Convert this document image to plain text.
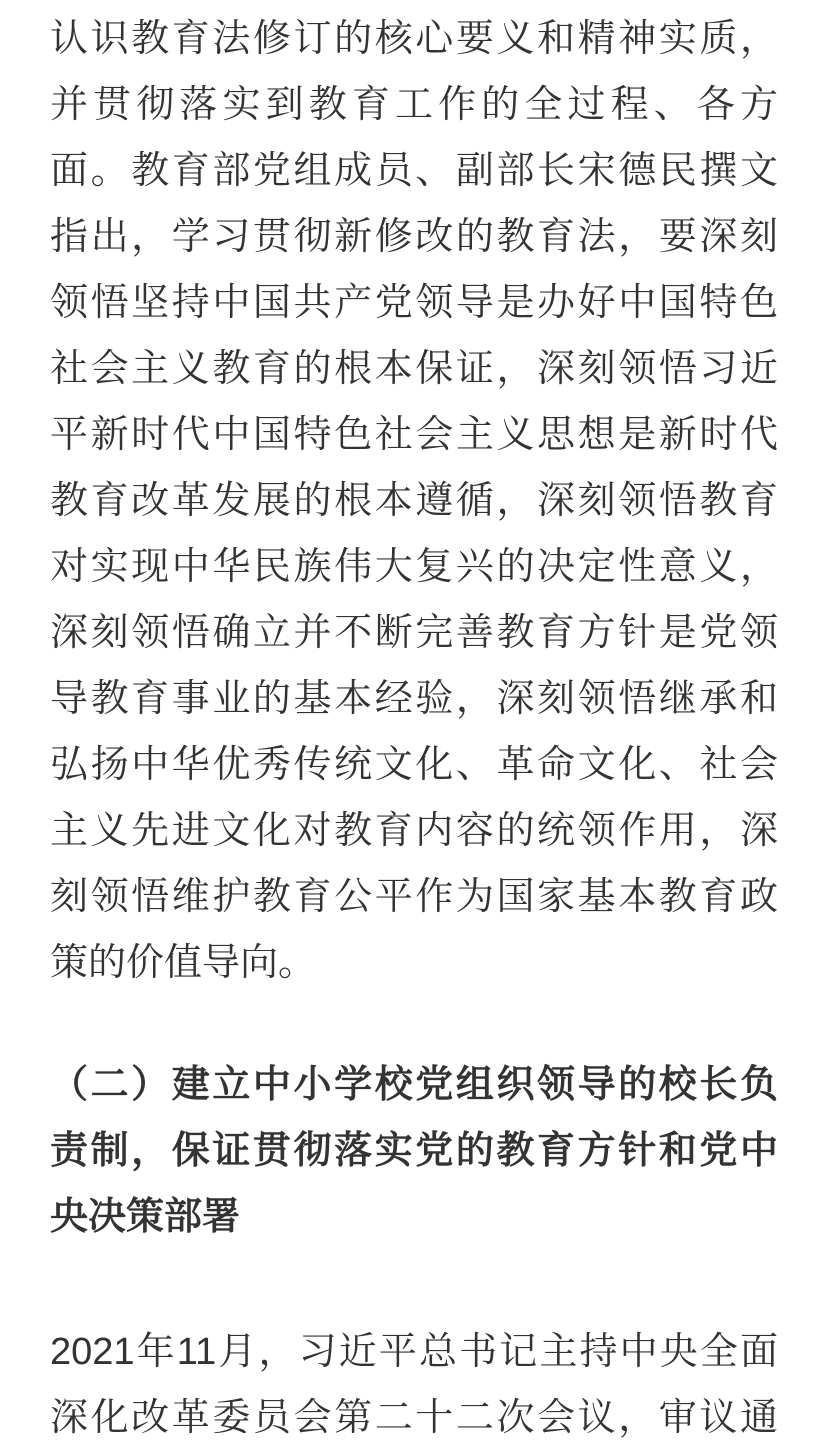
认识教育法修订的核心要义和精神实质，
并贯彻落实到教育工作的全过程、各方
面。教育部党组成员、副部长宋德民撰文
指出，学习贯彻新修改的教育法，要深刻
领悟坚持中国共产党领导是办好中国特色
社会主义教育的根本保证，深刻领悟习近
平新时代中国特色社会主义思想是新时代
教育改革发展的根本遵循，深刻领悟教育
对实现中华民族伟大复兴的决定性意义，
深刻领悟确立并不断完善教育方针是党领
导教育事业的基本经验，深刻领悟继承和
弘扬中华优秀传统文化、革命文化、社会
主义先进文化对教育内容的统领作用，深
刻领悟维护教育公平作为国家基本教育政
策的价值导向。
（二）建立中小学校党组织领导的校长负
责制，保证贯彻落实党的教育方针和党中
央决策部署
2021年11月，习近平总书记主持中央全面
深化改革委员会第二十二次会议，审议通
